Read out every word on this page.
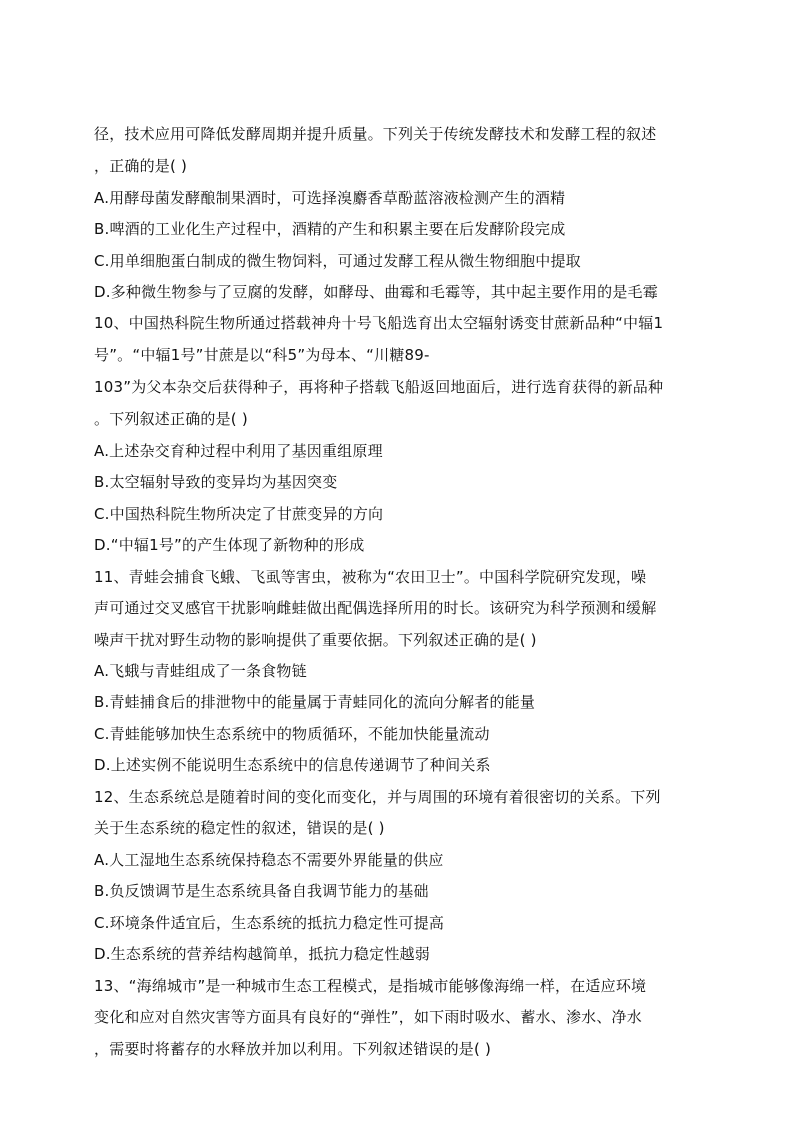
径，技术应用可降低发酵周期并提升质量。下列关于传统发酵技术和发酵工程的叙述
，正确的是( )
A.用酵母菌发酵酿制果酒时，可选择溴麝香草酚蓝溶液检测产生的酒精
B.啤酒的工业化生产过程中，酒精的产生和积累主要在后发酵阶段完成
C.用单细胞蛋白制成的微生物饲料，可通过发酵工程从微生物细胞中提取
D.多种微生物参与了豆腐的发酵，如酵母、曲霉和毛霉等，其中起主要作用的是毛霉
10、中国热科院生物所通过搭载神舟十号飞船选育出太空辐射诱变甘蔗新品种“中辐1
号”。“中辐1号”甘蔗是以“科5”为母本、“川糖89-
103”为父本杂交后获得种子，再将种子搭载飞船返回地面后，进行选育获得的新品种
。下列叙述正确的是( )
A.上述杂交育种过程中利用了基因重组原理
B.太空辐射导致的变异均为基因突变
C.中国热科院生物所决定了甘蔗变异的方向
D.“中辐1号”的产生体现了新物种的形成
11、青蛙会捕食飞蛾、飞虱等害虫，被称为“农田卫士”。中国科学院研究发现，噪
声可通过交叉感官干扰影响雌蛙做出配偶选择所用的时长。该研究为科学预测和缓解
噪声干扰对野生动物的影响提供了重要依据。下列叙述正确的是( )
A.飞蛾与青蛙组成了一条食物链
B.青蛙捕食后的排泄物中的能量属于青蛙同化的流向分解者的能量
C.青蛙能够加快生态系统中的物质循环，不能加快能量流动
D.上述实例不能说明生态系统中的信息传递调节了种间关系
12、生态系统总是随着时间的变化而变化，并与周围的环境有着很密切的关系。下列
关于生态系统的稳定性的叙述，错误的是( )
A.人工湿地生态系统保持稳态不需要外界能量的供应
B.负反馈调节是生态系统具备自我调节能力的基础
C.环境条件适宜后，生态系统的抵抗力稳定性可提高
D.生态系统的营养结构越简单，抵抗力稳定性越弱
13、“海绵城市”是一种城市生态工程模式，是指城市能够像海绵一样，在适应环境
变化和应对自然灾害等方面具有良好的“弹性”，如下雨时吸水、蓄水、渗水、净水
，需要时将蓄存的水释放并加以利用。下列叙述错误的是( )
